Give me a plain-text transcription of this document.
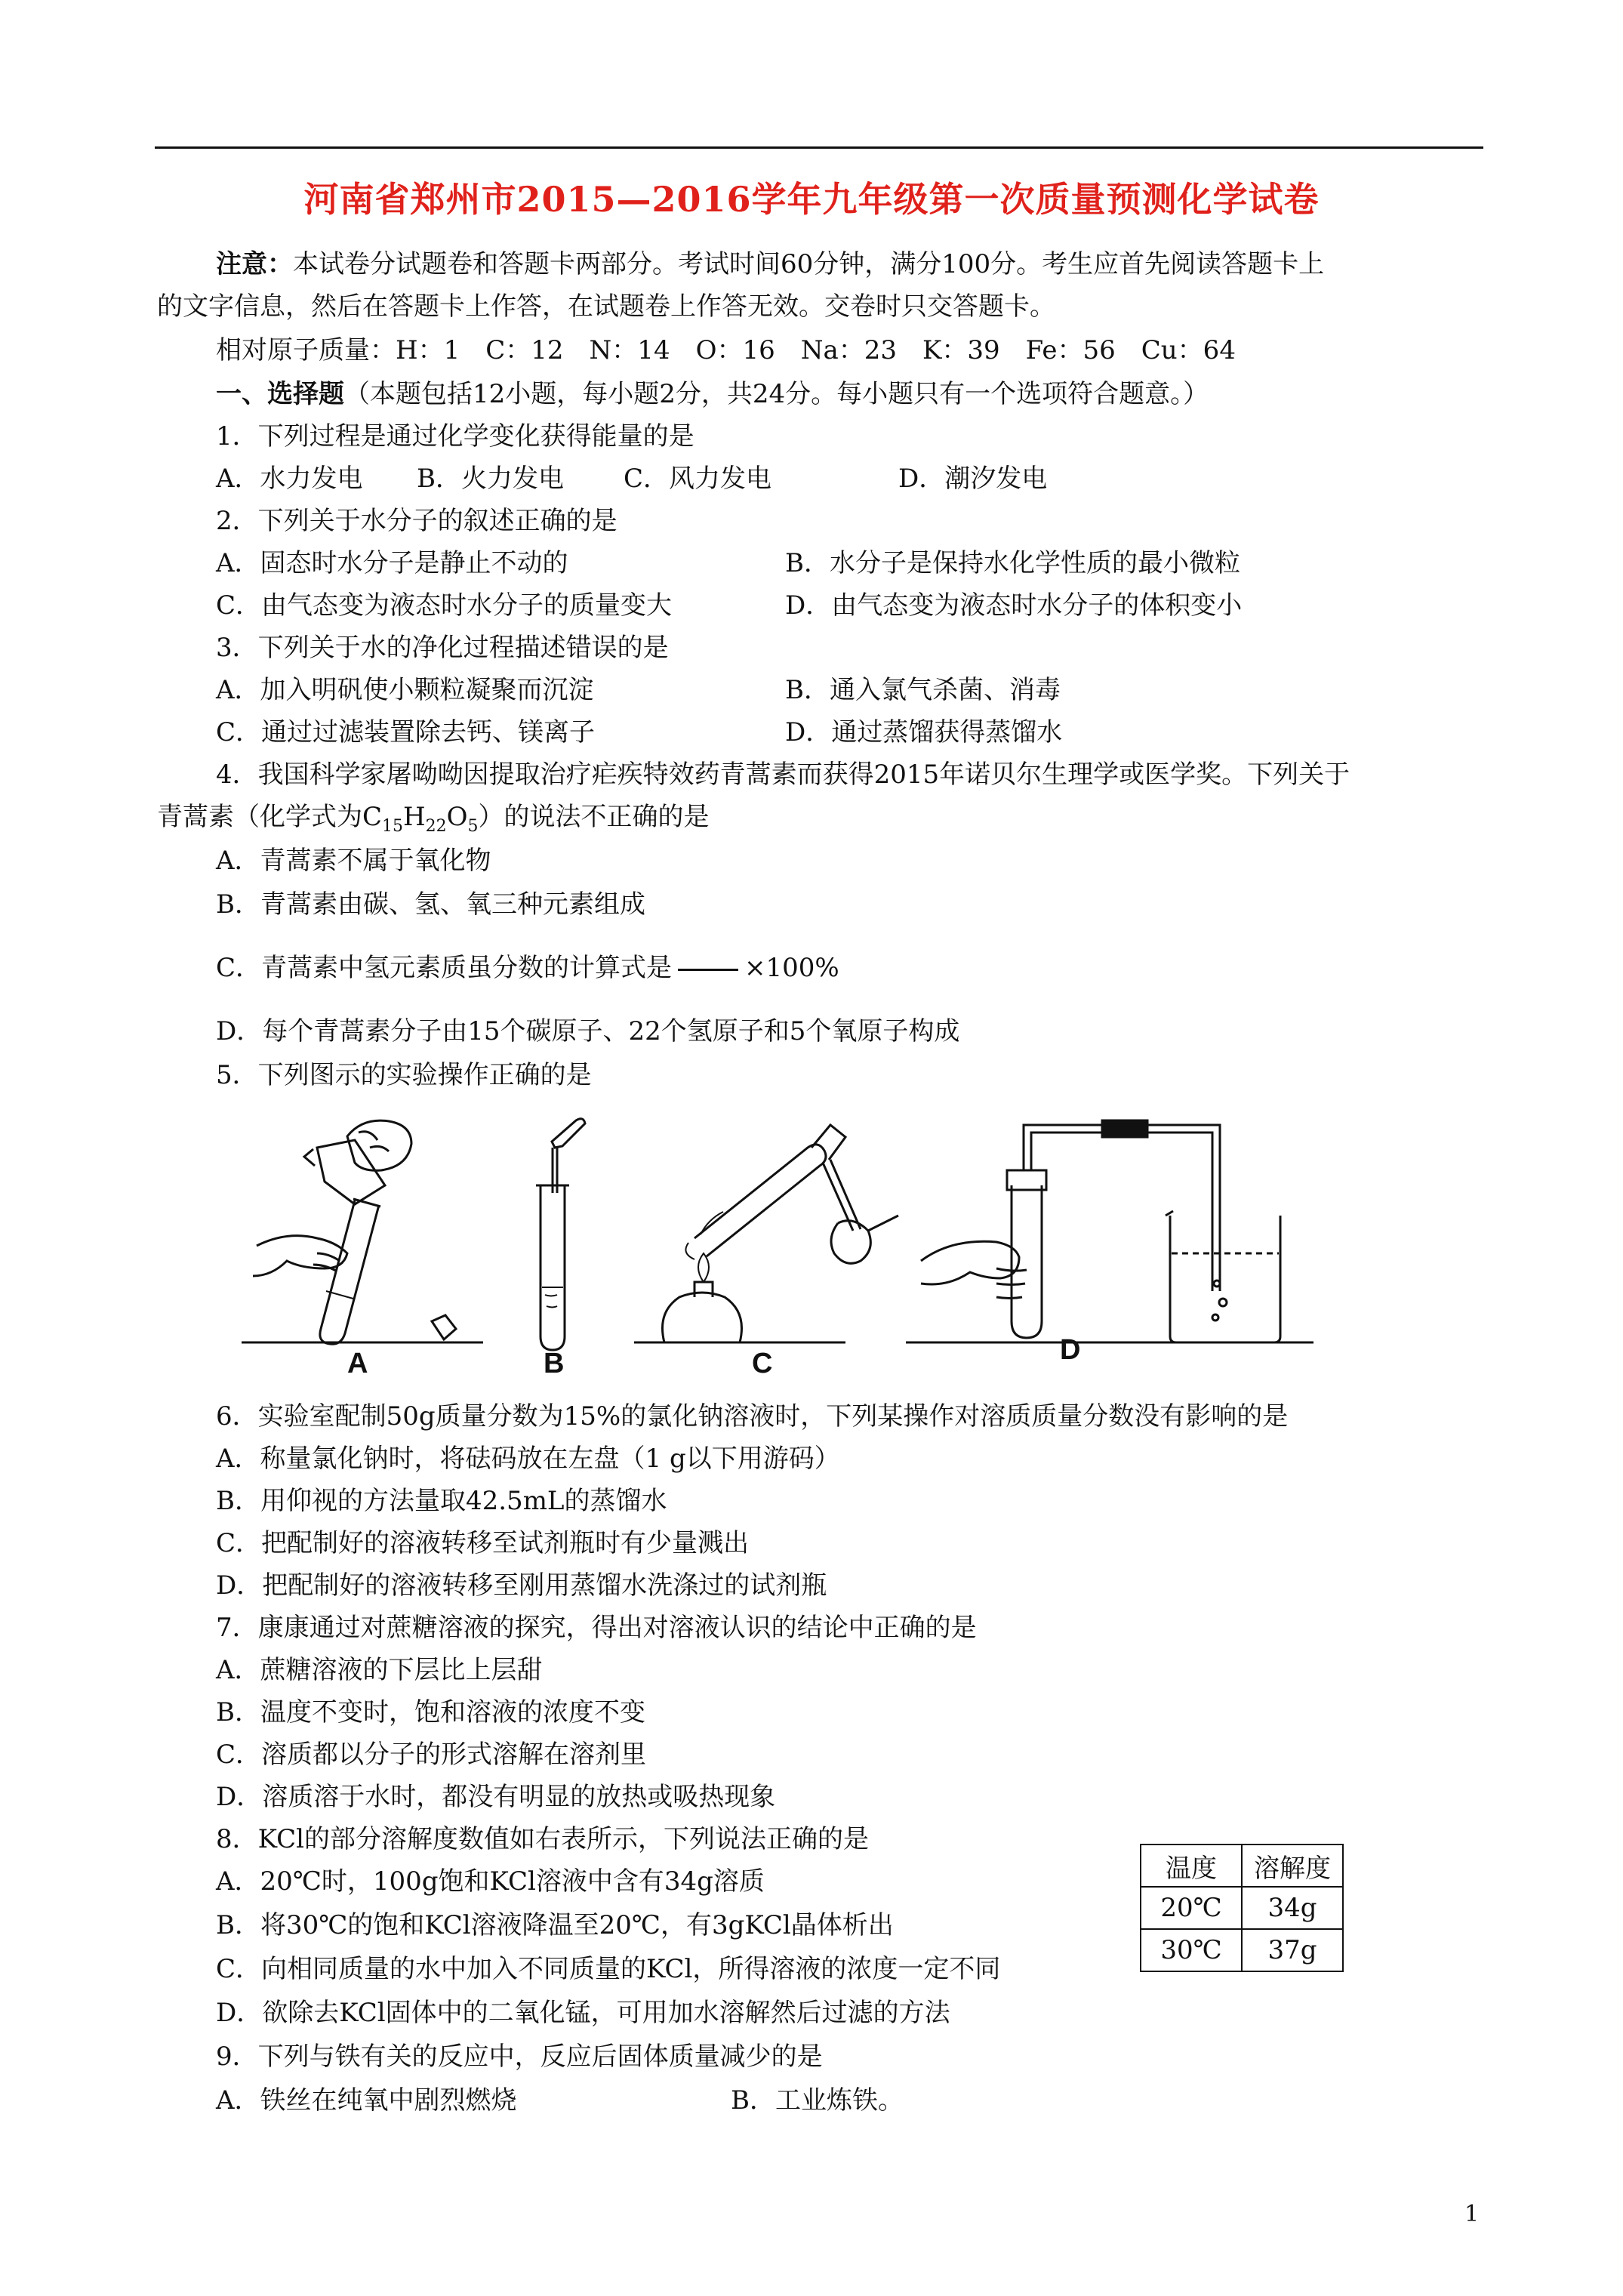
河南省郑州市2015—2016学年九年级第一次质量预测化学试卷
注意：本试卷分试题卷和答题卡两部分。考试时间60分钟，满分100分。考生应首先阅读答题卡上
的文字信息，然后在答题卡上作答，在试题卷上作答无效。交卷时只交答题卡。
相对原子质量：H：1　C：12　N：14　O：16　Na：23　K：39　Fe：56　Cu：64
一、选择题（本题包括12小题，每小题2分，共24分。每小题只有一个选项符合题意。）
1．下列过程是通过化学变化获得能量的是
A．水力发电 B．火力发电 C．风力发电	D．潮汐发电
2．下列关于水分子的叙述正确的是
A．固态时水分子是静止不动的	B．水分子是保持水化学性质的最小微粒
C．由气态变为液态时水分子的质量变大	D．由气态变为液态时水分子的体积变小
3．下列关于水的净化过程描述错误的是
A．加入明矾使小颗粒凝聚而沉淀	B．通入氯气杀菌、消毒
C．通过过滤装置除去钙、镁离子	D．通过蒸馏获得蒸馏水
4．我国科学家屠呦呦因提取治疗疟疾特效药青蒿素而获得2015年诺贝尔生理学或医学奖。下列关于
青蒿素（化学式为$C_{15}H_{22}O_5$）的说法不正确的是
A．青蒿素不属于氧化物
B．青蒿素由碳、氢、氧三种元素组成
C．青蒿素中氢元素质虽分数的计算式是	×100%
D．每个青蒿素分子由15个碳原子、22个氢原子和5个氧原子构成
5．下列图示的实验操作正确的是
A	B	C	D
6．实验室配制50g质量分数为15%的氯化钠溶液时，下列某操作对溶质质量分数没有影响的是
A．称量氯化钠时，将砝码放在左盘（1 g以下用游码）
B．用仰视的方法量取42.5mL的蒸馏水
C．把配制好的溶液转移至试剂瓶时有少量溅出
D．把配制好的溶液转移至刚用蒸馏水洗涤过的试剂瓶
7．康康通过对蔗糖溶液的探究，得出对溶液认识的结论中正确的是
A．蔗糖溶液的下层比上层甜
B．温度不变时，饱和溶液的浓度不变
C．溶质都以分子的形式溶解在溶剂里
D．溶质溶于水时，都没有明显的放热或吸热现象
8．KCl的部分溶解度数值如右表所示，下列说法正确的是
A．20℃时，100g饱和KCl溶液中含有34g溶质
B．将30℃的饱和KCl溶液降温至20℃，有3gKCl晶体析出
C．向相同质量的水中加入不同质量的KCl，所得溶液的浓度一定不同
D．欲除去KCl固体中的二氧化锰，可用加水溶解然后过滤的方法
温度	溶解度
20℃	34g
30℃	37g
9．下列与铁有关的反应中，反应后固体质量减少的是
A．铁丝在纯氧中剧烈燃烧	B．工业炼铁。
1
